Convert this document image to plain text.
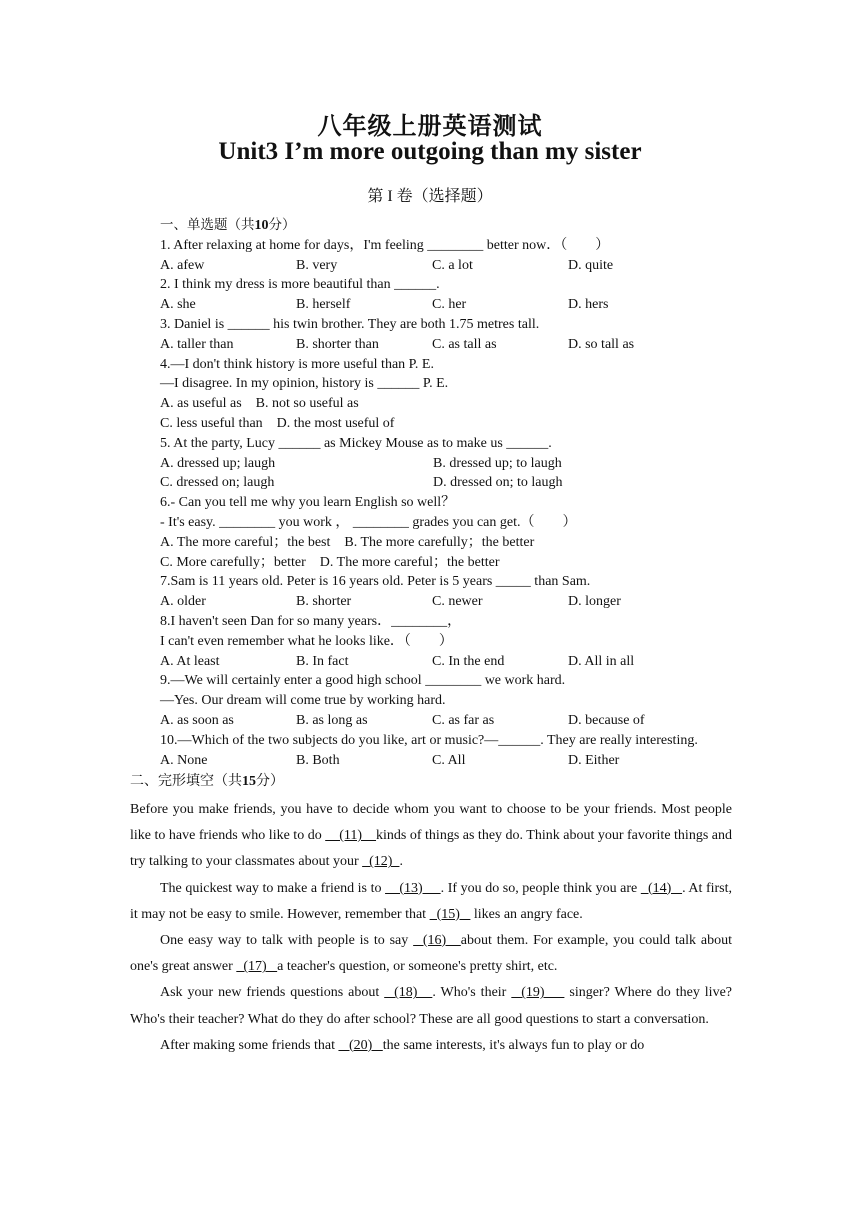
八年级上册英语测试
Unit3 I’m more outgoing than my sister
第 I 卷（选择题）
一、单选题（共10分）
1. After relaxing at home for days，I'm feeling ________ better now．（　　）
A. afew	B. very	C. a lot	D. quite
2. I think my dress is more beautiful than ______.
A. she	B. herself	C. her	D. hers
3. Daniel is ______ his twin brother. They are both 1.75 metres tall.
A. taller than	B. shorter than	C. as tall as	D. so tall as
4.—I don't think history is more useful than P. E.
—I disagree. In my opinion, history is ______ P. E.
A. as useful as B. not so useful as
C. less useful than D. the most useful of
5. At the party, Lucy ______ as Mickey Mouse as to make us ______.
A. dressed up; laugh	B. dressed up; to laugh
C. dressed on; laugh	D. dressed on; to laugh
6.- Can you tell me why you learn English so well？
- It's easy. ________ you work ， ________ grades you can get.（　　）
A. The more careful；the best B. The more carefully；the better
C. More carefully；better D. The more careful；the better
7.Sam is 11 years old. Peter is 16 years old. Peter is 5 years _____ than Sam.
A. older	B. shorter	C. newer	D. longer
8.I haven't seen Dan for so many years．________，
I can't even remember what he looks like．（　　）
A. At least	B. In fact	C. In the end	D. All in all
9.—We will certainly enter a good high school ________ we work hard.
—Yes. Our dream will come true by working hard.
A. as soon as	B. as long as	C. as far as	D. because of
10.—Which of the two subjects do you like, art or music?—______. They are really interesting.
A. None	B. Both	C. All	D. Either
二、完形填空（共15分）

Before you make friends, you have to decide whom you want to choose to be your friends. Most people like to have friends who like to do     (11)    kinds of things as they do. Think about your favorite things and try talking to your classmates about your   (12)  .

The quickest way to make a friend is to     (13)     . If you do so, people think you are   (14)   . At first, it may not be easy to smile. However, remember that   (15)    likes an angry face.

One easy way to talk with people is to say   (16)   about them. For example, you could talk about one's great answer   (17)   a teacher's question, or someone's pretty shirt, etc.

Ask your new friends questions about   (18)   . Who's their   (19)     singer? Where do they live? Who's their teacher? What do they do after school? These are all good questions to start a conversation.

After making some friends that    (20)   the same interests, it's always fun to play or do
